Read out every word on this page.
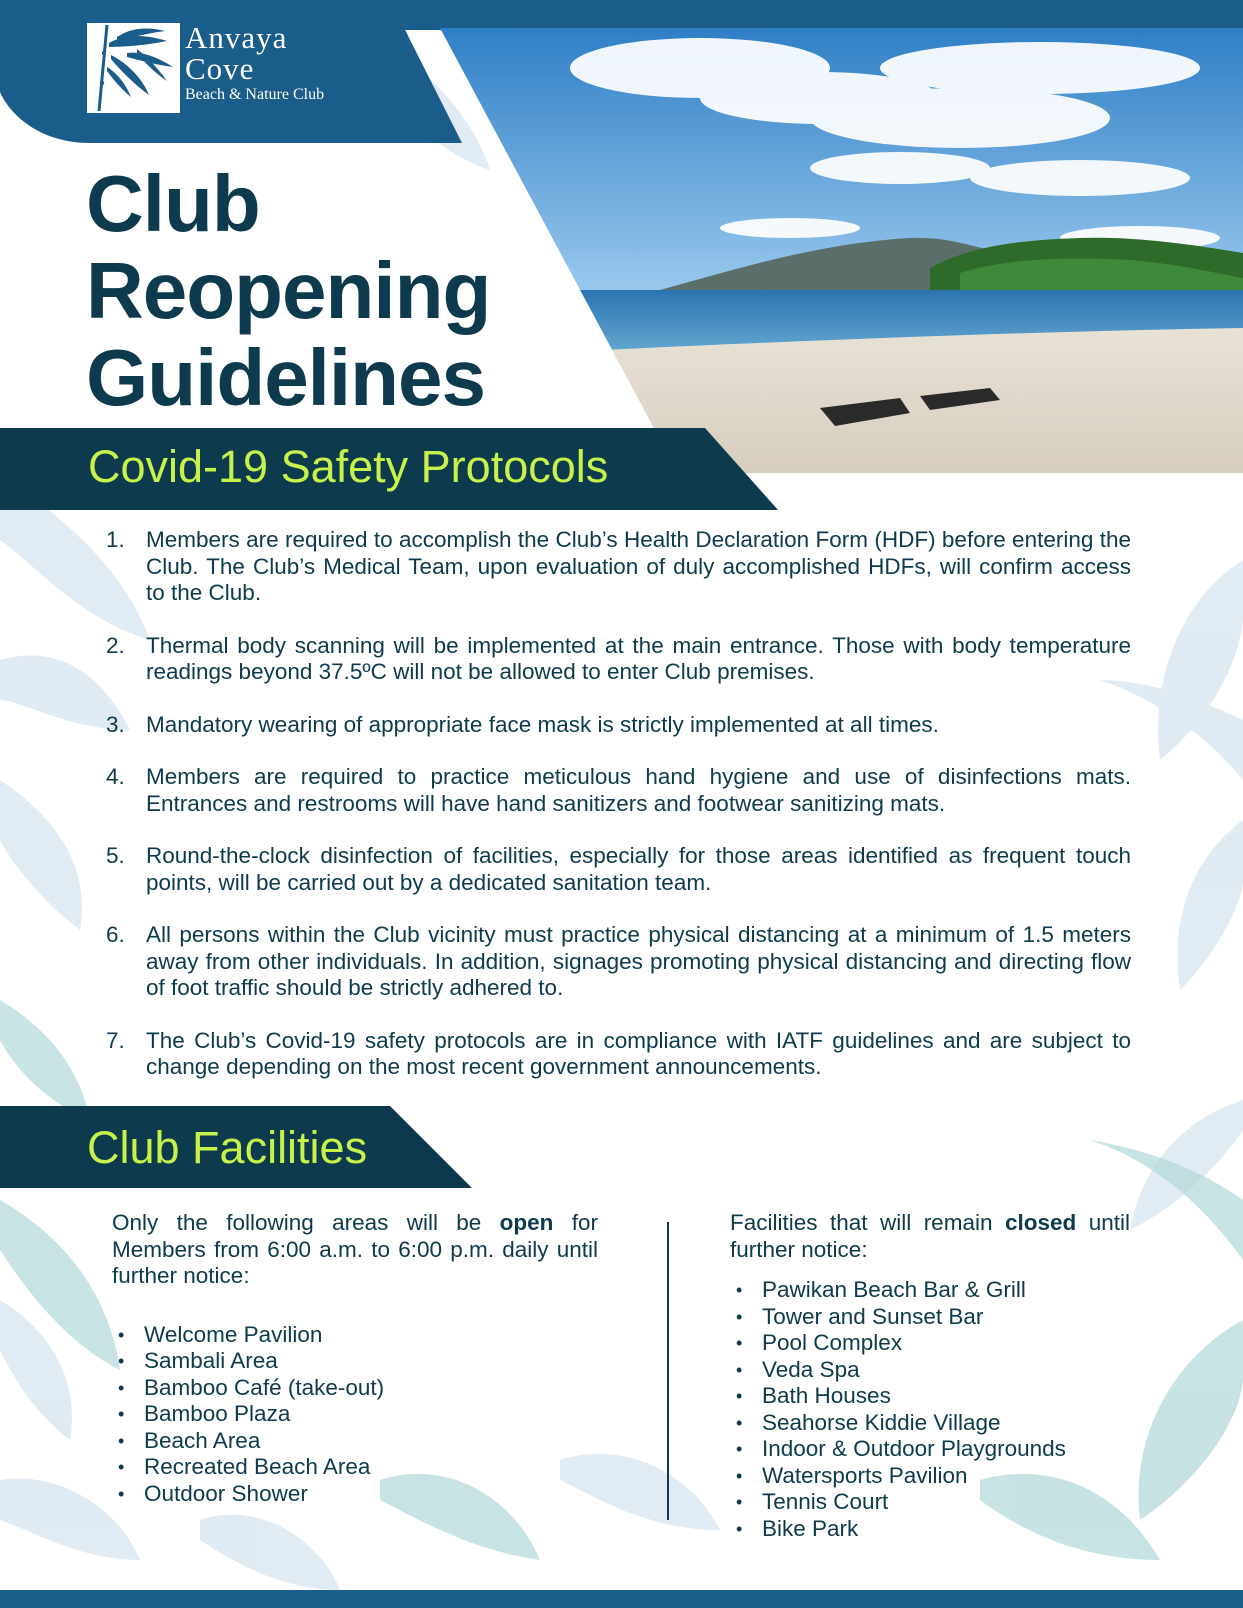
Anvaya
Cove
Beach & Nature Club
Club
Reopening
Guidelines
Covid-19 Safety Protocols
1. Members are required to accomplish the Club’s Health Declaration Form (HDF) before entering the Club. The Club’s Medical Team, upon evaluation of duly accomplished HDFs, will confirm access to the Club.
2. Thermal body scanning will be implemented at the main entrance. Those with body temperature readings beyond 37.5ºC will not be allowed to enter Club premises.
3. Mandatory wearing of appropriate face mask is strictly implemented at all times.
4. Members are required to practice meticulous hand hygiene and use of disinfections mats. Entrances and restrooms will have hand sanitizers and footwear sanitizing mats.
5. Round-the-clock disinfection of facilities, especially for those areas identified as frequent touch points, will be carried out by a dedicated sanitation team.
6. All persons within the Club vicinity must practice physical distancing at a minimum of 1.5 meters away from other individuals. In addition, signages promoting physical distancing and directing flow of foot traffic should be strictly adhered to.
7. The Club’s Covid-19 safety protocols are in compliance with IATF guidelines and are subject to change depending on the most recent government announcements.
Club Facilities

Only the following areas will be open for Members from 6:00 a.m. to 6:00 p.m. daily until further notice:

• Welcome Pavilion
• Sambali Area
• Bamboo Café (take-out)
• Bamboo Plaza
• Beach Area
• Recreated Beach Area
• Outdoor Shower

Facilities that will remain closed until further notice:

• Pawikan Beach Bar & Grill
• Tower and Sunset Bar
• Pool Complex
• Veda Spa
• Bath Houses
• Seahorse Kiddie Village
• Indoor & Outdoor Playgrounds
• Watersports Pavilion
• Tennis Court
• Bike Park
